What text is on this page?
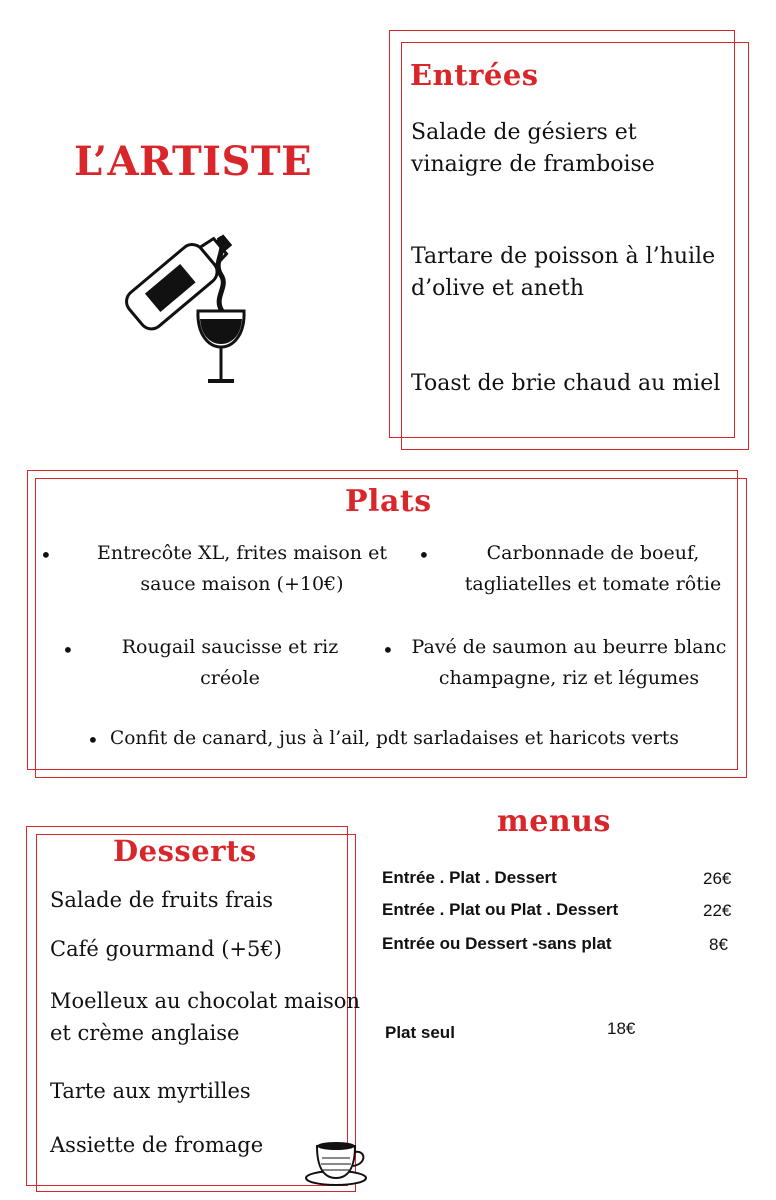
L’ARTISTE
Entrées
Salade de gésiers et
vinaigre de framboise
Tartare de poisson à l’huile
d’olive et aneth
Toast de brie chaud au miel
Plats
•	Entrecôte XL, frites maison et
sauce maison (+10€)
•	Carbonnade de boeuf,
tagliatelles et tomate rôtie
•	Rougail saucisse et riz
créole
• Pavé de saumon au beurre blanc
champagne, riz et légumes
• Confit de canard, jus à l’ail, pdt sarladaises et haricots verts
Desserts
Salade de fruits frais
Café gourmand (+5€)
Moelleux au chocolat maison
et crème anglaise
Tarte aux myrtilles
Assiette de fromage
menus
Entrée . Plat . Dessert	26€
Entrée . Plat ou Plat . Dessert	22€
Entrée ou Dessert -sans plat	8€
Plat seul	18€
